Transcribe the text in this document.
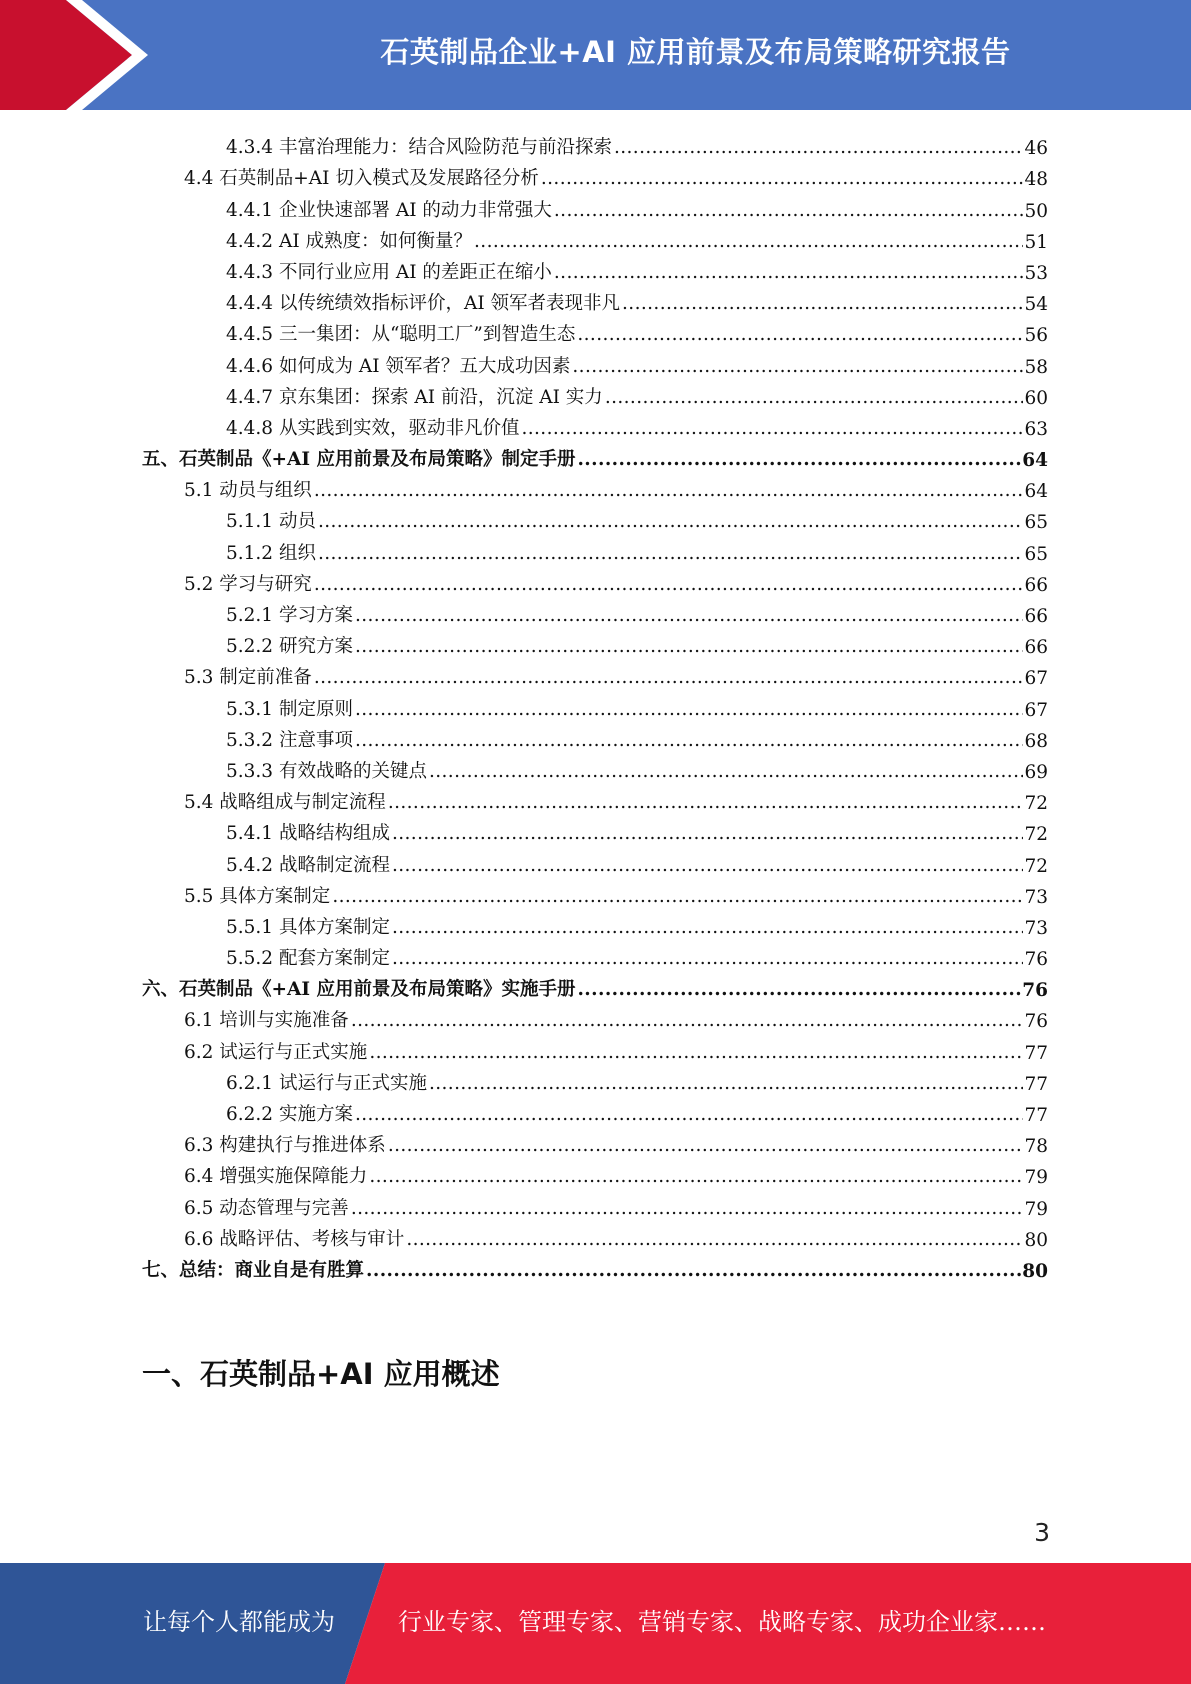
石英制品企业+AI 应用前景及布局策略研究报告
4.3.4 丰富治理能力：结合风险防范与前沿探索 .....	46
4.4 石英制品+AI 切入模式及发展路径分析 .....	48
4.4.1 企业快速部署 AI 的动力非常强大 .....	50
4.4.2 AI 成熟度：如何衡量？ .....	51
4.4.3 不同行业应用 AI 的差距正在缩小 .....	53
4.4.4 以传统绩效指标评价，AI 领军者表现非凡 .....	54
4.4.5 三一集团：从“聪明工厂”到智造生态 .....	56
4.4.6 如何成为 AI 领军者？五大成功因素 .....	58
4.4.7 京东集团：探索 AI 前沿，沉淀 AI 实力 .....	60
4.4.8 从实践到实效，驱动非凡价值 .....	63
五、石英制品《+AI 应用前景及布局策略》制定手册 .....	64
5.1 动员与组织 .....	64
5.1.1 动员 .....	65
5.1.2 组织 .....	65
5.2 学习与研究 .....	66
5.2.1 学习方案 .....	66
5.2.2 研究方案 .....	66
5.3 制定前准备 .....	67
5.3.1 制定原则 .....	67
5.3.2 注意事项 .....	68
5.3.3 有效战略的关键点 .....	69
5.4 战略组成与制定流程 .....	72
5.4.1 战略结构组成 .....	72
5.4.2 战略制定流程 .....	72
5.5 具体方案制定 .....	73
5.5.1 具体方案制定 .....	73
5.5.2 配套方案制定 .....	76
六、石英制品《+AI 应用前景及布局策略》实施手册 .....	76
6.1 培训与实施准备 .....	76
6.2 试运行与正式实施 .....	77
6.2.1 试运行与正式实施 .....	77
6.2.2 实施方案 .....	77
6.3 构建执行与推进体系 .....	78
6.4 增强实施保障能力 .....	79
6.5 动态管理与完善 .....	79
6.6 战略评估、考核与审计 .....	80
七、总结：商业自是有胜算 .....	80
一、石英制品+AI 应用概述
3
让每个人都能成为	行业专家、管理专家、营销专家、战略专家、成功企业家……
